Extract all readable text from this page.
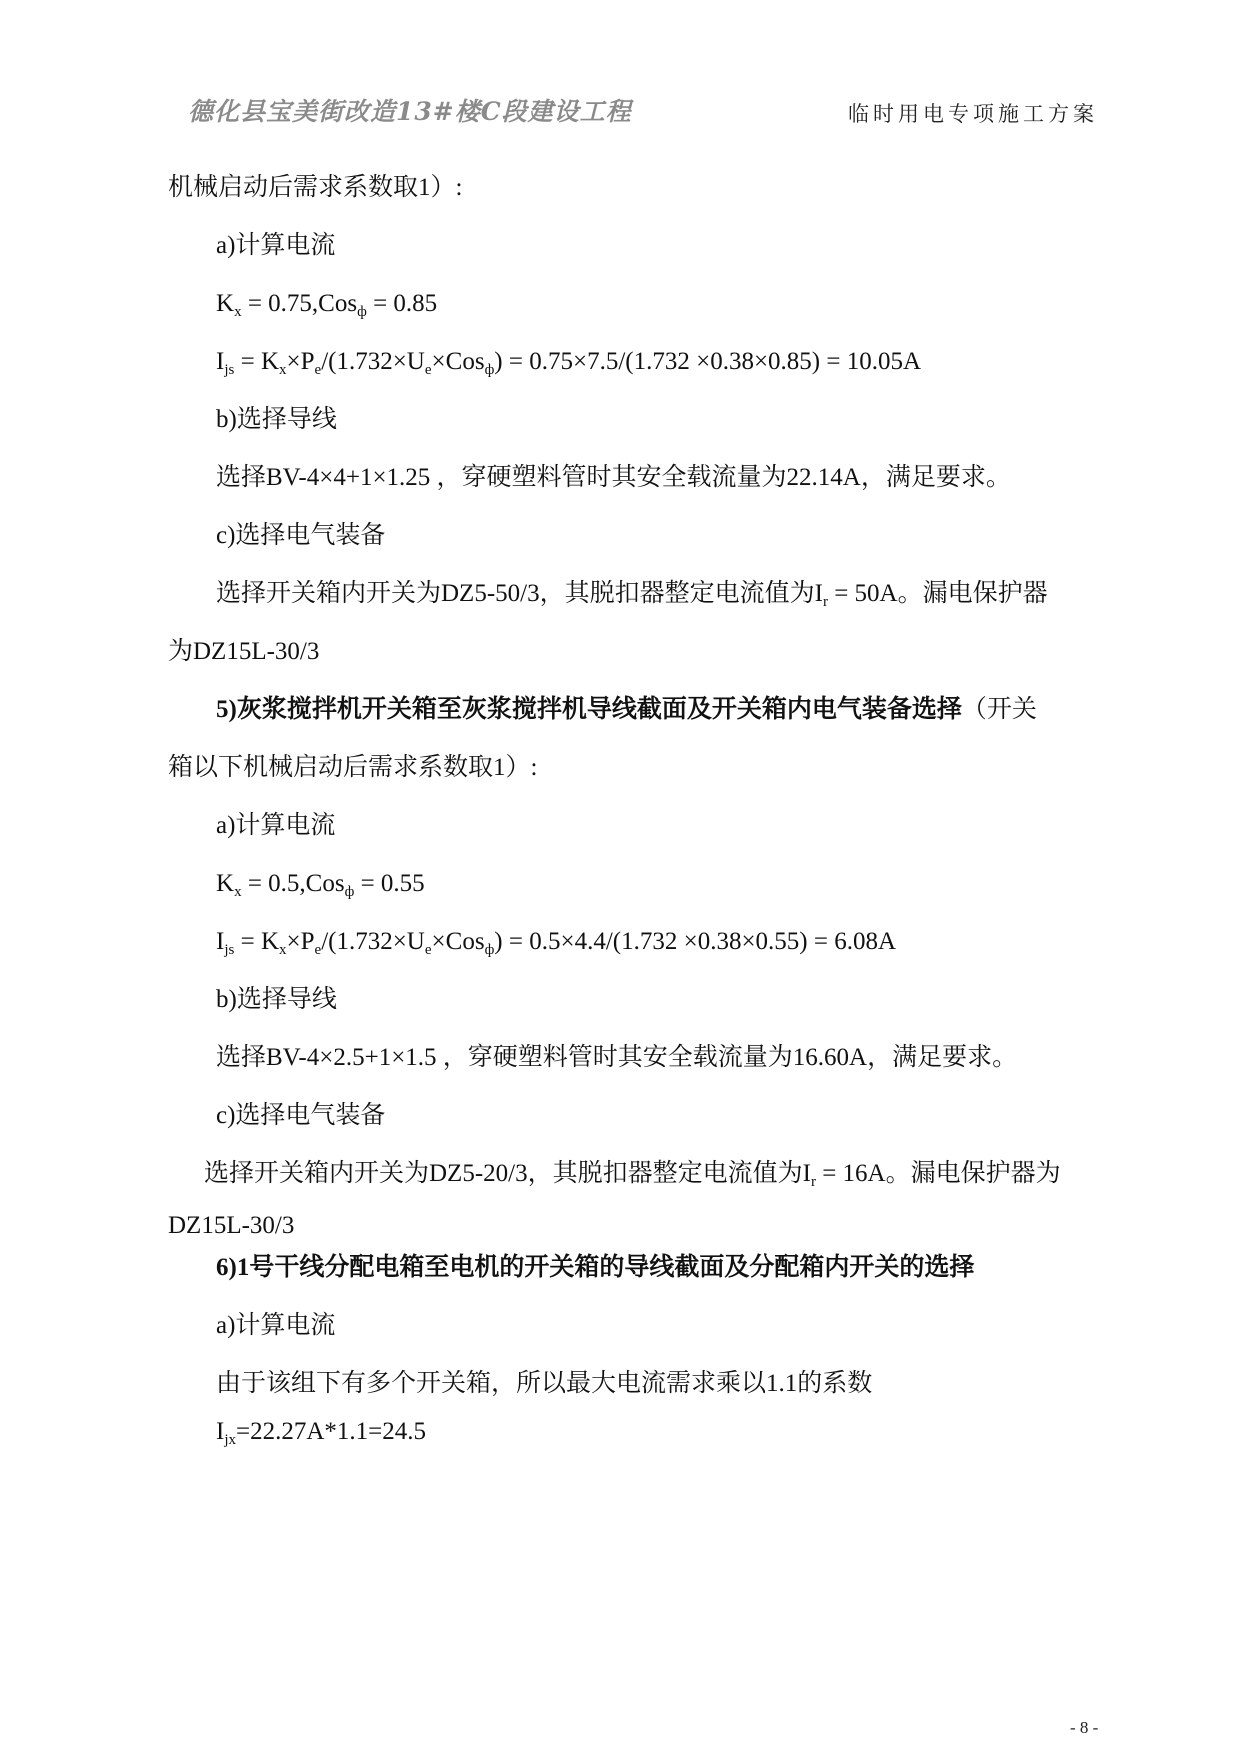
德化县宝美街改造13#楼C段建设工程	临时用电专项施工方案
机械启动后需求系数取1）:
a)计算电流
$K_x = 0.75,Cos_ф = 0.85$
$I_{js} = K_x\times P_e/(1.732\times U_e\times Cos_ф) = 0.75\times 7.5/(1.732 \times 0.38\times 0.85) = 10.05A$
b)选择导线
选择BV-4×4+1×1.25 ，穿硬塑料管时其安全载流量为22.14A，满足要求。
c)选择电气装备
选择开关箱内开关为DZ5-50/3，其脱扣器整定电流值为$I_r = 50A$。漏电保护器
为DZ15L-30/3
5)灰浆搅拌机开关箱至灰浆搅拌机导线截面及开关箱内电气装备选择（开关
箱以下机械启动后需求系数取1）:
a)计算电流
$K_x = 0.5,Cos_ф = 0.55$
$I_{js} = K_x\times P_e/(1.732\times U_e\times Cos_ф) = 0.5\times 4.4/(1.732 \times 0.38\times 0.55) = 6.08A$
b)选择导线
选择BV-4×2.5+1×1.5 ，穿硬塑料管时其安全载流量为16.60A，满足要求。
c)选择电气装备
选择开关箱内开关为DZ5-20/3，其脱扣器整定电流值为$I_r = 16A$。漏电保护器为
DZ15L-30/3
6)1号干线分配电箱至电机的开关箱的导线截面及分配箱内开关的选择
a)计算电流
由于该组下有多个开关箱，所以最大电流需求乘以1.1的系数
$I_{jx}=22.27A*1.1=24.5$
- 8 -
